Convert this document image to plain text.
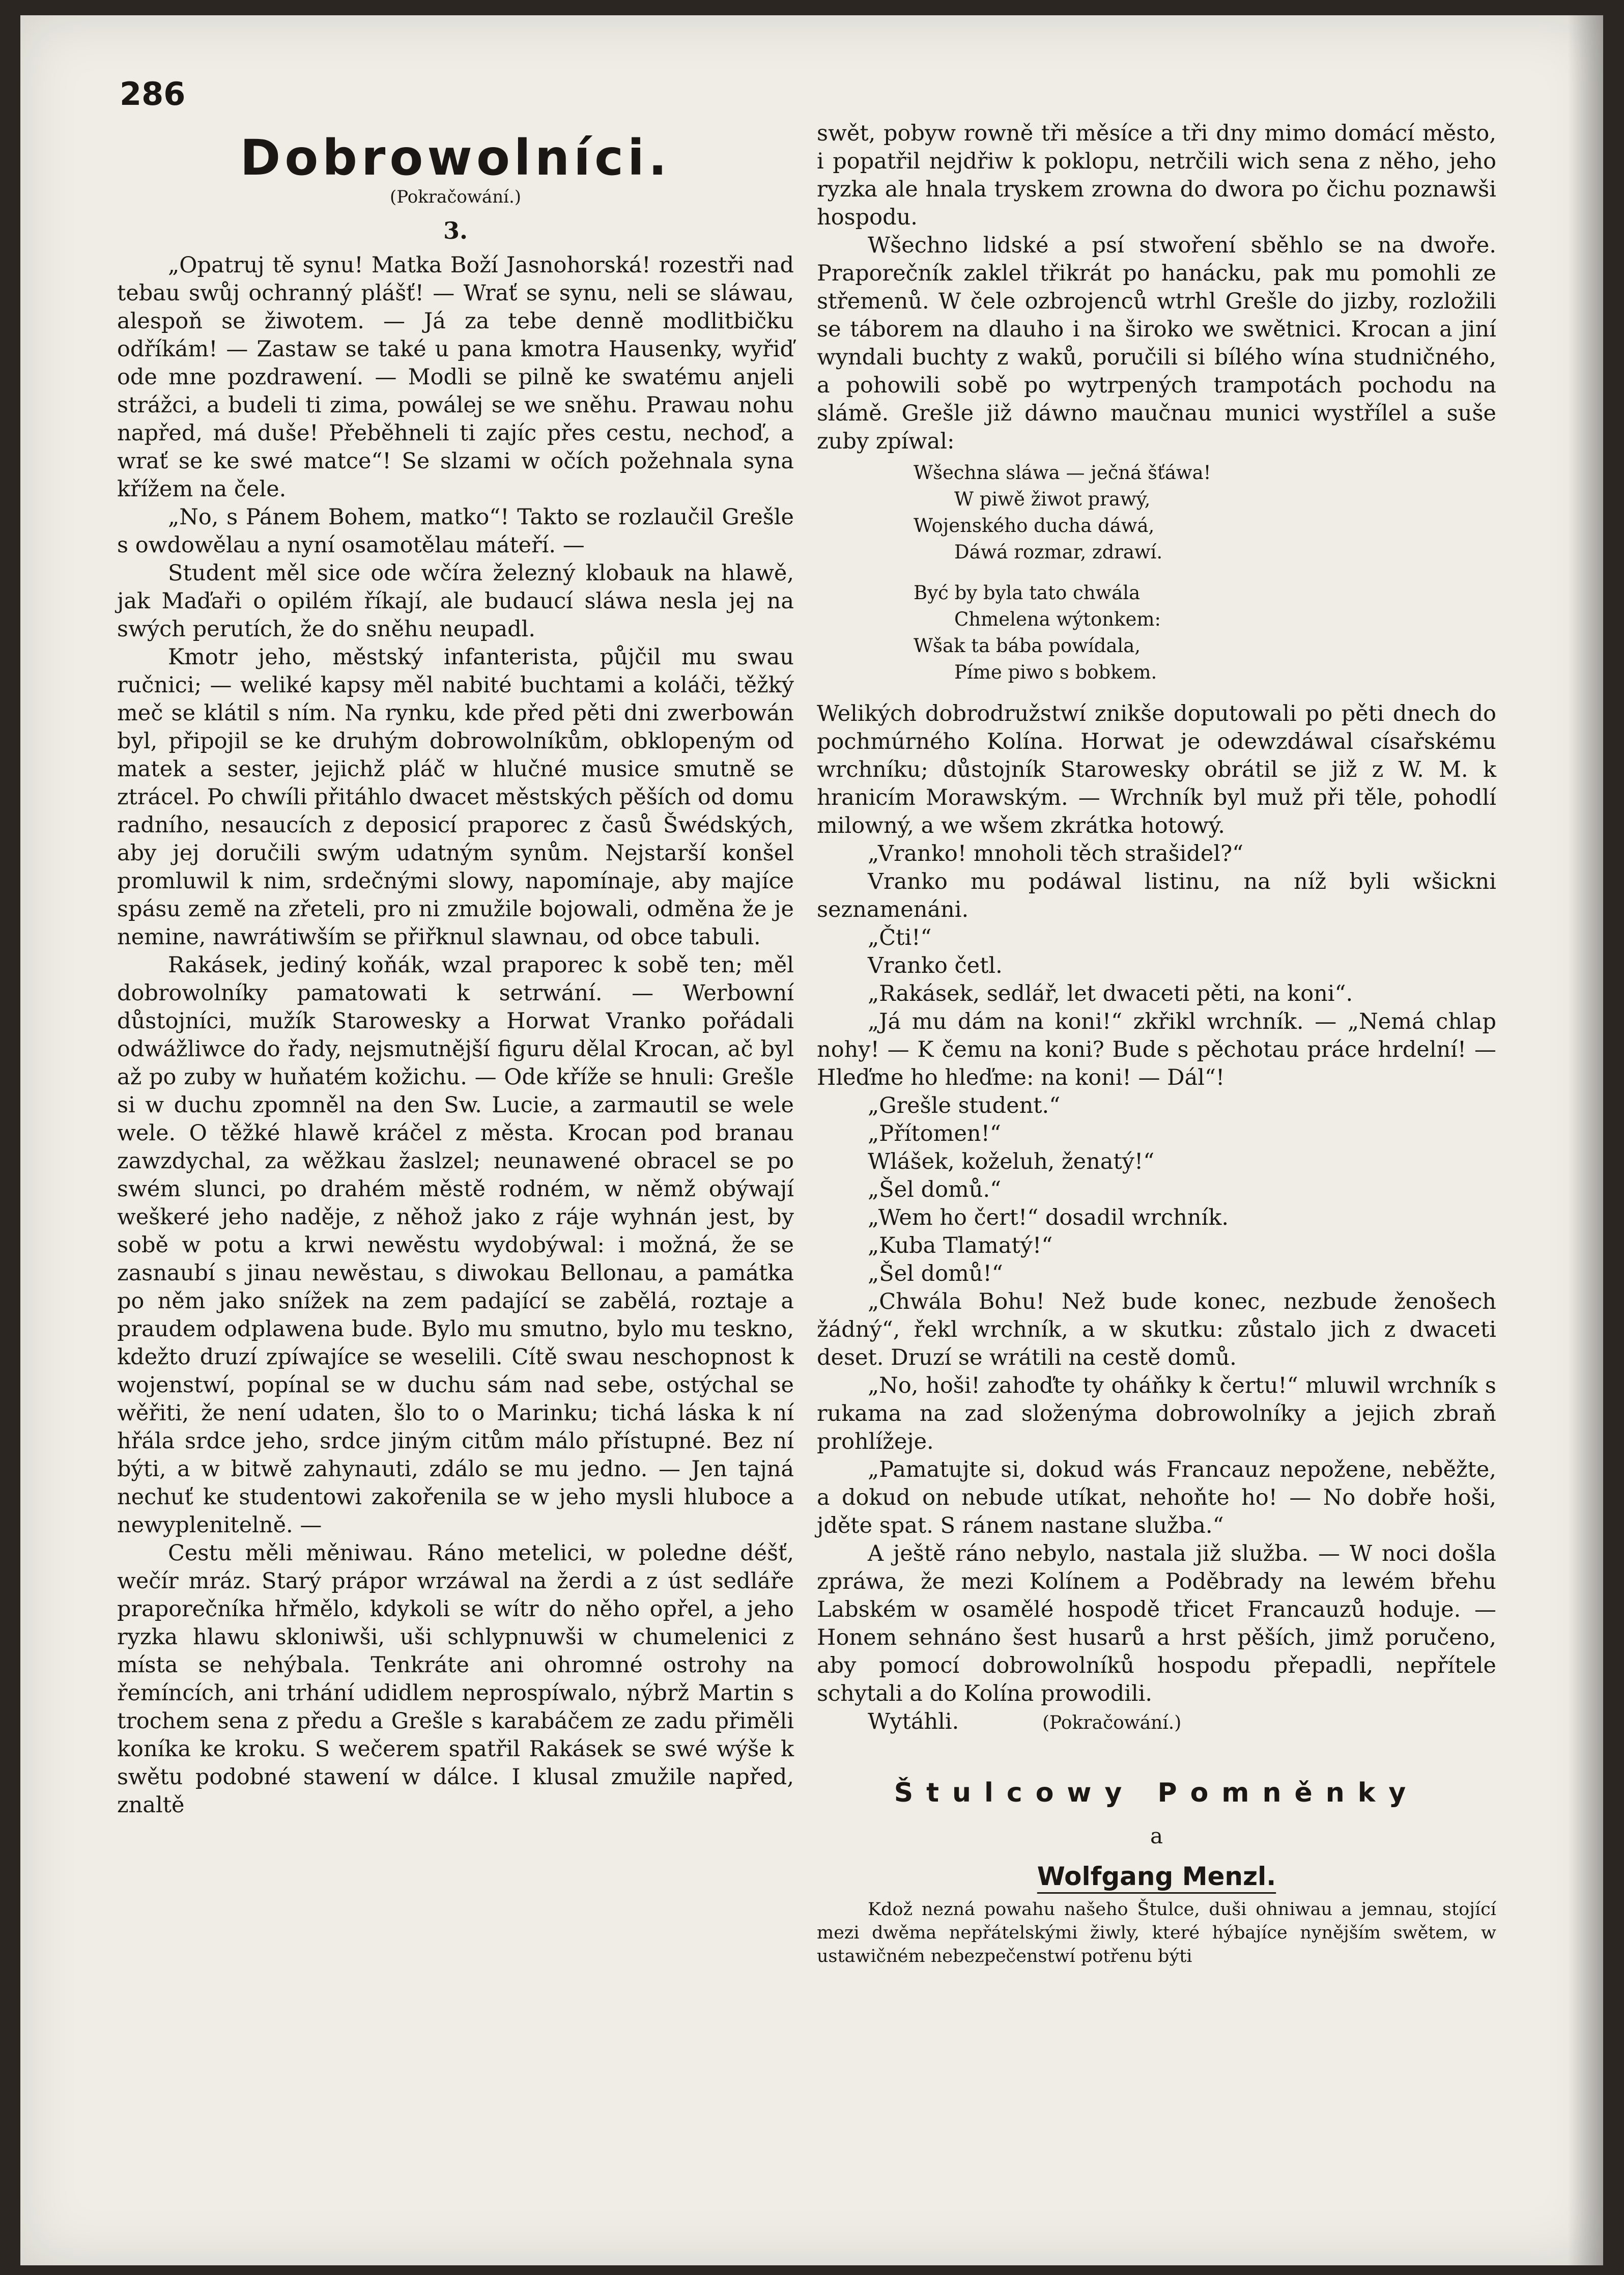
286
Dobrowolníci.
(Pokračowání.)
3.

„Opatruj tě synu! Matka Boží Jasnohorská! rozestři nad tebau swůj ochranný plášť! — Wrať se synu, neli se sláwau, alespoň se žiwotem. — Já za tebe denně modlitbičku odříkám! — Zastaw se také u pana kmotra Hausenky, wyřiď ode mne pozdrawení. — Modli se pilně ke swatému anjeli strážci, a budeli ti zima, powálej se we sněhu. Prawau nohu napřed, má duše! Přeběhneli ti zajíc přes cestu, nechoď, a wrať se ke swé matce“! Se slzami w očích požehnala syna křížem na čele.

„No, s Pánem Bohem, matko“! Takto se rozlaučil Grešle s owdowělau a nyní osamotělau máteří. —

Student měl sice ode wčíra železný klobauk na hlawě, jak Maďaři o opilém říkají, ale budaucí sláwa nesla jej na swých perutích, že do sněhu neupadl.

Kmotr jeho, městský infanterista, půjčil mu swau ručnici; — weliké kapsy měl nabité buchtami a koláči, těžký meč se klátil s ním. Na rynku, kde před pěti dni zwerbowán byl, připojil se ke druhým dobrowolníkům, obklopeným od matek a sester, jejichž pláč w hlučné musice smutně se ztrácel. Po chwíli přitáhlo dwacet městských pěších od domu radního, nesaucích z deposicí praporec z časů Šwédských, aby jej doručili swým udatným synům. Nejstarší konšel promluwil k nim, srdečnými slowy, napomínaje, aby majíce spásu země na zřeteli, pro ni zmužile bojowali, odměna že je nemine, nawrátiwším se přiřknul slawnau, od obce tabuli.

Rakásek, jediný koňák, wzal praporec k sobě ten; měl dobrowolníky pamatowati k setrwání. — Werbowní důstojníci, mužík Starowesky a Horwat Vranko pořádali odwážliwce do řady, nejsmutnější figuru dělal Krocan, ač byl až po zuby w huňatém kožichu. — Ode kříže se hnuli: Grešle si w duchu zpomněl na den Sw. Lucie, a zarmautil se wele wele. O těžké hlawě kráčel z města. Krocan pod branau zawzdychal, za wěžkau žaslzel; neunawené obracel se po swém slunci, po drahém městě rodném, w němž obýwají weškeré jeho naděje, z něhož jako z ráje wyhnán jest, by sobě w potu a krwi newěstu wydobýwal: i možná, že se zasnaubí s jinau newěstau, s diwokau Bellonau, a památka po něm jako snížek na zem padající se zabělá, roztaje a praudem odplawena bude. Bylo mu smutno, bylo mu teskno, kdežto druzí zpíwajíce se weselili. Cítě swau neschopnost k wojenstwí, popínal se w duchu sám nad sebe, ostýchal se wěřiti, že není udaten, šlo to o Marinku; tichá láska k ní hřála srdce jeho, srdce jiným citům málo přístupné. Bez ní býti, a w bitwě zahynauti, zdálo se mu jedno. — Jen tajná nechuť ke studentowi zakořenila se w jeho mysli hluboce a newyplenitelně. —

Cestu měli měniwau. Ráno metelici, w poledne déšť, wečír mráz. Starý prápor wrzáwal na žerdi a z úst sedláře praporečníka hřmělo, kdykoli se wítr do něho opřel, a jeho ryzka hlawu skloniwši, uši schlypnuwši w chumelenici z místa se nehýbala. Tenkráte ani ohromné ostrohy na řemíncích, ani trhání udidlem neprospíwalo, nýbrž Martin s trochem sena z předu a Grešle s karabáčem ze zadu přiměli koníka ke kroku. S wečerem spatřil Rakásek se swé wýše k swětu podobné stawení w dálce. I klusal zmužile napřed, znaltě

swět, pobyw rowně tři měsíce a tři dny mimo domácí město, i popatřil nejdřiw k poklopu, netrčili wich sena z něho, jeho ryzka ale hnala tryskem zrowna do dwora po čichu poznawši hospodu.

Wšechno lidské a psí stwoření sběhlo se na dwoře. Praporečník zaklel třikrát po hanácku, pak mu pomohli ze střemenů. W čele ozbrojenců wtrhl Grešle do jizby, rozložili se táborem na dlauho i na široko we swětnici. Krocan a jiní wyndali buchty z waků, poručili si bílého wína studničného, a pohowili sobě po wytrpených trampotách pochodu na slámě. Grešle již dáwno maučnau munici wystřílel a suše zuby zpíwal:

Wšechna sláwa — ječná šťáwa!
W piwě žiwot prawý,
Wojenského ducha dáwá,
Dáwá rozmar, zdrawí.
Być by byla tato chwála
Chmelena wýtonkem:
Wšak ta bába powídala,
Píme piwo s bobkem.

Welikých dobrodružstwí znikše doputowali po pěti dnech do pochmúrného Kolína. Horwat je odewzdáwal císařskému wrchníku; důstojník Starowesky obrátil se již z W. M. k hranicím Morawským. — Wrchník byl muž při těle, pohodlí milowný, a we wšem zkrátka hotowý.

„Vranko! mnoholi těch strašidel?“

Vranko mu podáwal listinu, na níž byli wšickni seznamenáni.

„Čti!“

Vranko četl.

„Rakásek, sedlář, let dwaceti pěti, na koni“.

„Já mu dám na koni!“ zkřikl wrchník. — „Nemá chlap nohy! — K čemu na koni? Bude s pěchotau práce hrdelní! — Hleďme ho hleďme: na koni! — Dál“!

„Grešle student.“

„Přítomen!“

Wlášek, koželuh, ženatý!“

„Šel domů.“

„Wem ho čert!“ dosadil wrchník.

„Kuba Tlamatý!“

„Šel domů!“

„Chwála Bohu! Než bude konec, nezbude ženošech žádný“, řekl wrchník, a w skutku: zůstalo jich z dwaceti deset. Druzí se wrátili na cestě domů.

„No, hoši! zahoďte ty oháňky k čertu!“ mluwil wrchník s rukama na zad složenýma dobrowolníky a jejich zbraň prohlížeje.

„Pamatujte si, dokud wás Francauz nepožene, neběžte, a dokud on nebude utíkat, nehoňte ho! — No dobře hoši, jděte spat. S ránem nastane služba.“

A ještě ráno nebylo, nastala již služba. — W noci došla zpráwa, že mezi Kolínem a Poděbrady na lewém břehu Labském w osamělé hospodě třicet Francauzů hoduje. — Honem sehnáno šest husarů a hrst pěších, jimž poručeno, aby pomocí dobrowolníků hospodu přepadli, nepřítele schytali a do Kolína prowodili.

Wytáhli.	(Pokračowání.)

Štulcowy Pomněnky
a
Wolfgang Menzl.

Kdož nezná powahu našeho Štulce, duši ohniwau a jemnau, stojící mezi dwěma nepřátelskými žiwly, které hýbajíce nynějším swětem, w ustawičném nebezpečenstwí potřenu býti
